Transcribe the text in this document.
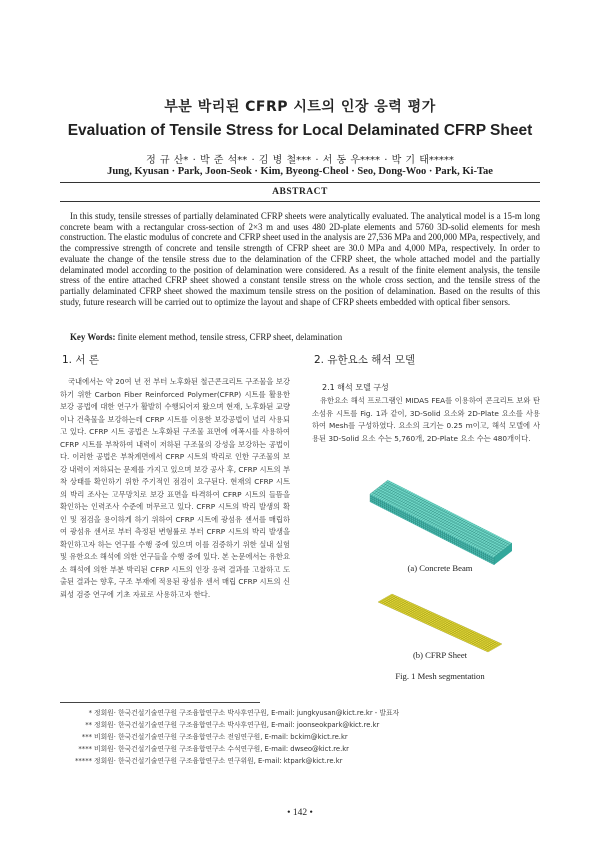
부분 박리된 CFRP 시트의 인장 응력 평가
Evaluation of Tensile Stress for Local Delaminated CFRP Sheet
정 규 산* · 박 준 석** · 김 병 철*** · 서 동 우**** · 박 기 태*****
Jung, Kyusan · Park, Joon-Seok · Kim, Byeong-Cheol · Seo, Dong-Woo · Park, Ki-Tae
ABSTRACT
In this study, tensile stresses of partially delaminated CFRP sheets were analytically evaluated. The analytical model is a 15-m long concrete beam with a rectangular cross-section of 2×3 m and uses 480 2D-plate elements and 5760 3D-solid elements for mesh construction. The elastic modulus of concrete and CFRP sheet used in the analysis are 27,536 MPa and 200,000 MPa, respectively, and the compressive strength of concrete and tensile strength of CFRP sheet are 30.0 MPa and 4,000 MPa, respectively. In order to evaluate the change of the tensile stress due to the delamination of the CFRP sheet, the whole attached model and the partially delaminated model according to the position of delamination were considered. As a result of the finite element analysis, the tensile stress of the entire attached CFRP sheet showed a constant tensile stress on the whole cross section, and the tensile stress of the partially delaminated CFRP sheet showed the maximum tensile stress on the position of delamination. Based on the results of this study, future research will be carried out to optimize the layout and shape of CFRP sheets embedded with optical fiber sensors.
Key Words: finite element method, tensile stress, CFRP sheet, delamination
1. 서 론
국내에서는 약 20여 년 전 부터 노후화된 철근콘크리트 구조물을 보강하기 위한 Carbon Fiber Reinforced Polymer(CFRP) 시트를 활용한 보강 공법에 대한 연구가 활발히 수행되어져 왔으며 현재, 노후화된 교량이나 건축물을 보강하는데 CFRP 시트를 이용한 보강공법이 널리 사용되고 있다. CFRP 시트 공법은 노후화된 구조물 표면에 에폭시를 사용하여 CFRP 시트를 부착하여 내력이 저하된 구조물의 강성을 보강하는 공법이다. 이러한 공법은 부착계면에서 CFRP 시트의 박리로 인한 구조물의 보강 내력이 저하되는 문제를 가지고 있으며 보강 공사 후, CFRP 시트의 부착 상태를 확인하기 위한 주기적인 점검이 요구된다. 현재의 CFRP 시트의 박리 조사는 고무망치로 보강 표면을 타격하여 CFRP 시트의 들뜸을 확인하는 인력조사 수준에 머무르고 있다. CFRP 시트의 박리 발생의 확인 및 점검을 용이하게 하기 위하여 CFRP 시트에 광섬유 센서를 매립하여 광섬유 센서로 부터 측정된 변형률로 부터 CFRP 시트의 박리 발생을 확인하고자 하는 연구를 수행 중에 있으며 이를 검증하기 위한 실내 실험 및 유한요소 해석에 의한 연구들을 수행 중에 있다. 본 논문에서는 유한요소 해석에 의한 부분 박리된 CFRP 시트의 인장 응력 결과를 고찰하고 도출된 결과는 향후, 구조 부재에 적용된 광섬유 센서 매립 CFRP 시트의 신뢰성 검증 연구에 기초 자료로 사용하고자 한다.
2. 유한요소 해석 모델
2.1 해석 모델 구성
유한요소 해석 프로그램인 MIDAS FEA를 이용하여 콘크리트 보와 탄소섬유 시트를 Fig. 1과 같이, 3D-Solid 요소와 2D-Plate 요소를 사용하여 Mesh를 구성하였다. 요소의 크기는 0.25 m이고, 해석 모델에 사용된 3D-Solid 요소 수는 5,760개, 2D-Plate 요소 수는 480개이다.
(a) Concrete Beam
(b) CFRP Sheet
Fig. 1 Mesh segmentation
* 정회원· 한국건설기술연구원 구조융합연구소 박사후연구원, E-mail: jungkyusan@kict.re.kr - 발표자
** 정회원· 한국건설기술연구원 구조융합연구소 박사후연구원, E-mail: joonseokpark@kict.re.kr
*** 비회원· 한국건설기술연구원 구조융합연구소 전임연구원, E-mail: bckim@kict.re.kr
**** 비회원· 한국건설기술연구원 구조융합연구소 수석연구원, E-mail: dwseo@kict.re.kr
***** 정회원· 한국건설기술연구원 구조융합연구소 연구위원, E-mail: ktpark@kict.re.kr
• 142 •
